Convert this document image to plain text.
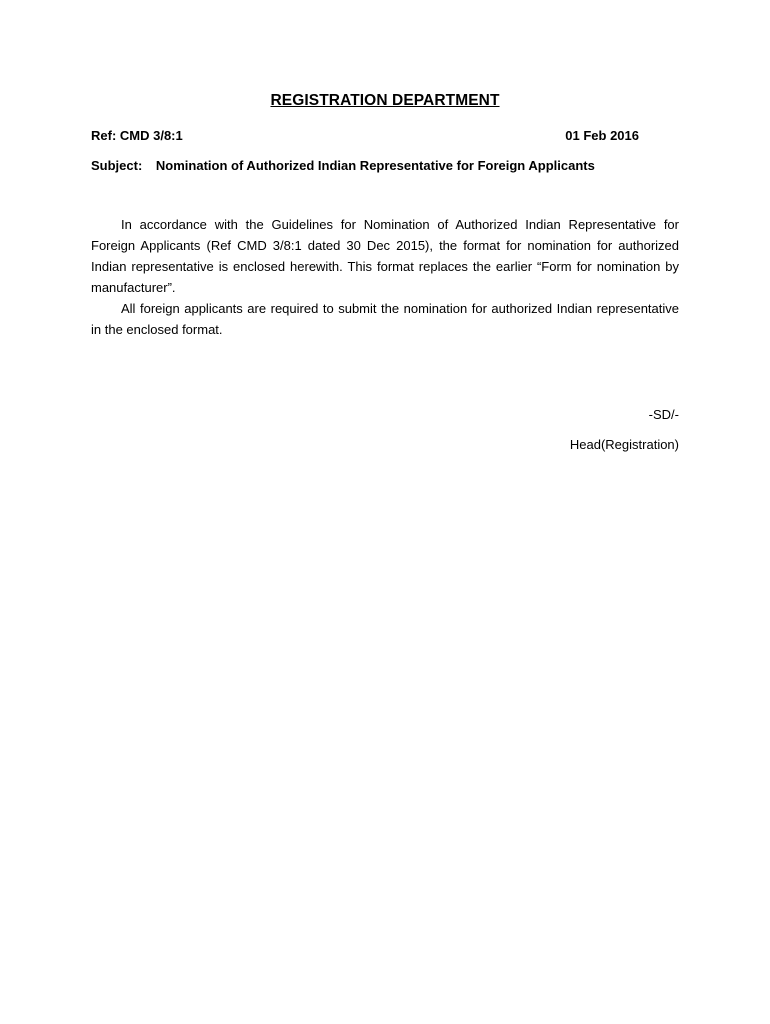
REGISTRATION DEPARTMENT
Ref: CMD 3/8:1	01 Feb 2016
Subject: Nomination of Authorized Indian Representative for Foreign Applicants

In accordance with the Guidelines for Nomination of Authorized Indian Representative for Foreign Applicants (Ref CMD 3/8:1 dated 30 Dec 2015), the format for nomination for authorized Indian representative is enclosed herewith. This format replaces the earlier “Form for nomination by manufacturer”.

All foreign applicants are required to submit the nomination for authorized Indian representative in the enclosed format.

-SD/-
Head(Registration)
